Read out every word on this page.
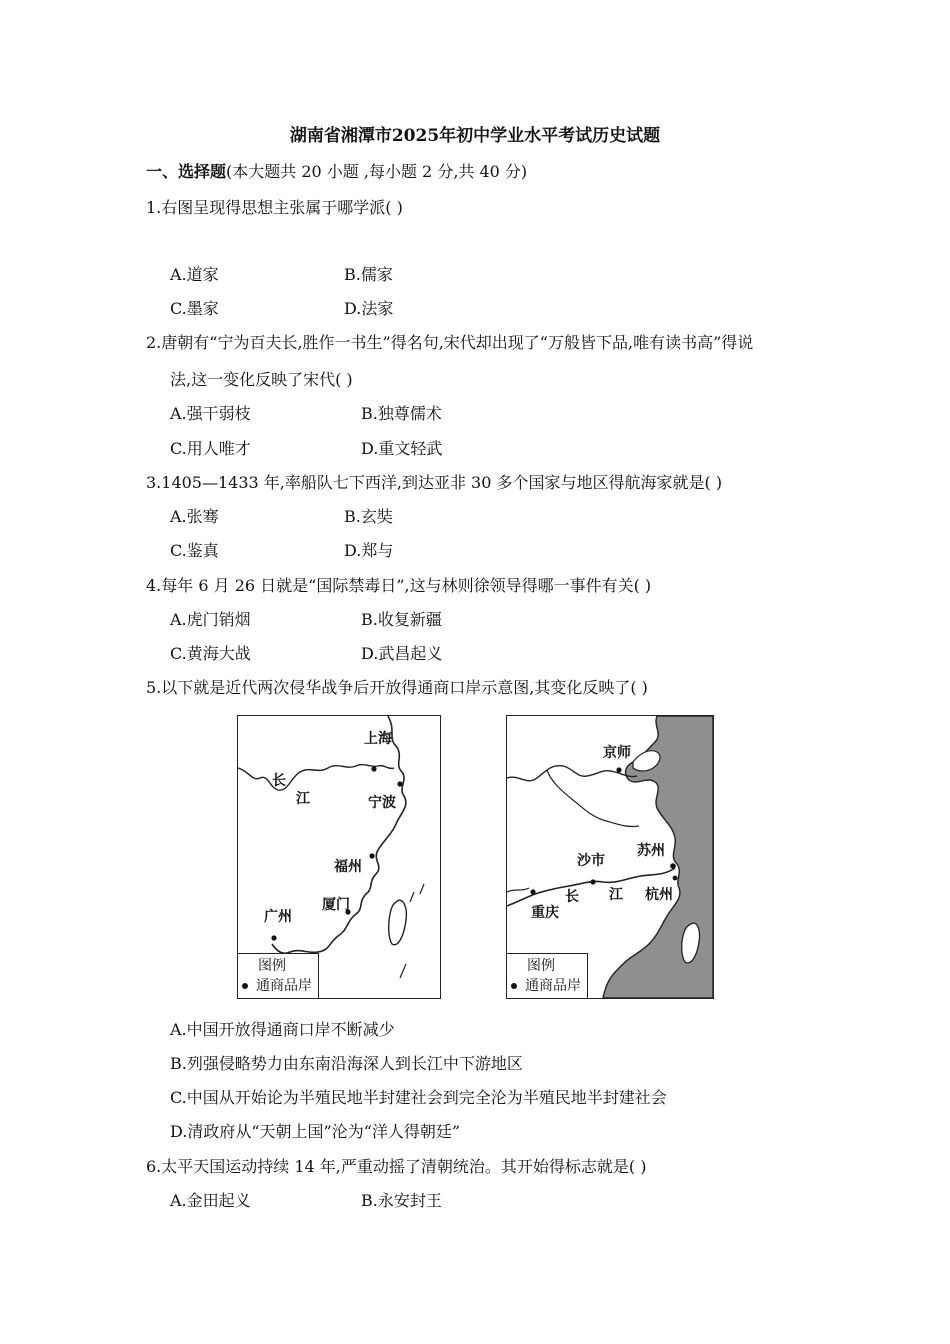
湖南省湘潭市2025年初中学业水平考试历史试题
一、选择题(本大题共 20 小题 ,每小题 2 分,共 40 分)
1.右图呈现得思想主张属于哪学派( )
A.道家	B.儒家
C.墨家	D.法家
2.唐朝有“宁为百夫长,胜作一书生”得名句,宋代却出现了“万般皆下品,唯有读书高”得说
法,这一变化反映了宋代( )
A.强干弱枝	B.独尊儒术
C.用人唯才	D.重文轻武
3.1405—1433 年,率船队七下西洋,到达亚非 30 多个国家与地区得航海家就是( )
A.张骞	B.玄奘
C.鉴真	D.郑与
4.每年 6 月 26 日就是“国际禁毒日”,这与林则徐领导得哪一事件有关( )
A.虎门销烟	B.收复新疆
C.黄海大战	D.武昌起义
5.以下就是近代两次侵华战争后开放得通商口岸示意图,其变化反映了( )
上海
宁波
福州
厦门
广州
长
江
图例
通商品岸
京师
苏州
沙市
杭州
重庆
长 江
图例
通商品岸
A.中国开放得通商口岸不断减少
B.列强侵略势力由东南沿海深人到长江中下游地区
C.中国从开始论为半殖民地半封建社会到完全沦为半殖民地半封建社会
D.清政府从“天朝上国”沦为“洋人得朝廷”
6.太平天国运动持续 14 年,严重动摇了清朝统治。其开始得标志就是( )
A.金田起义	B.永安封王
